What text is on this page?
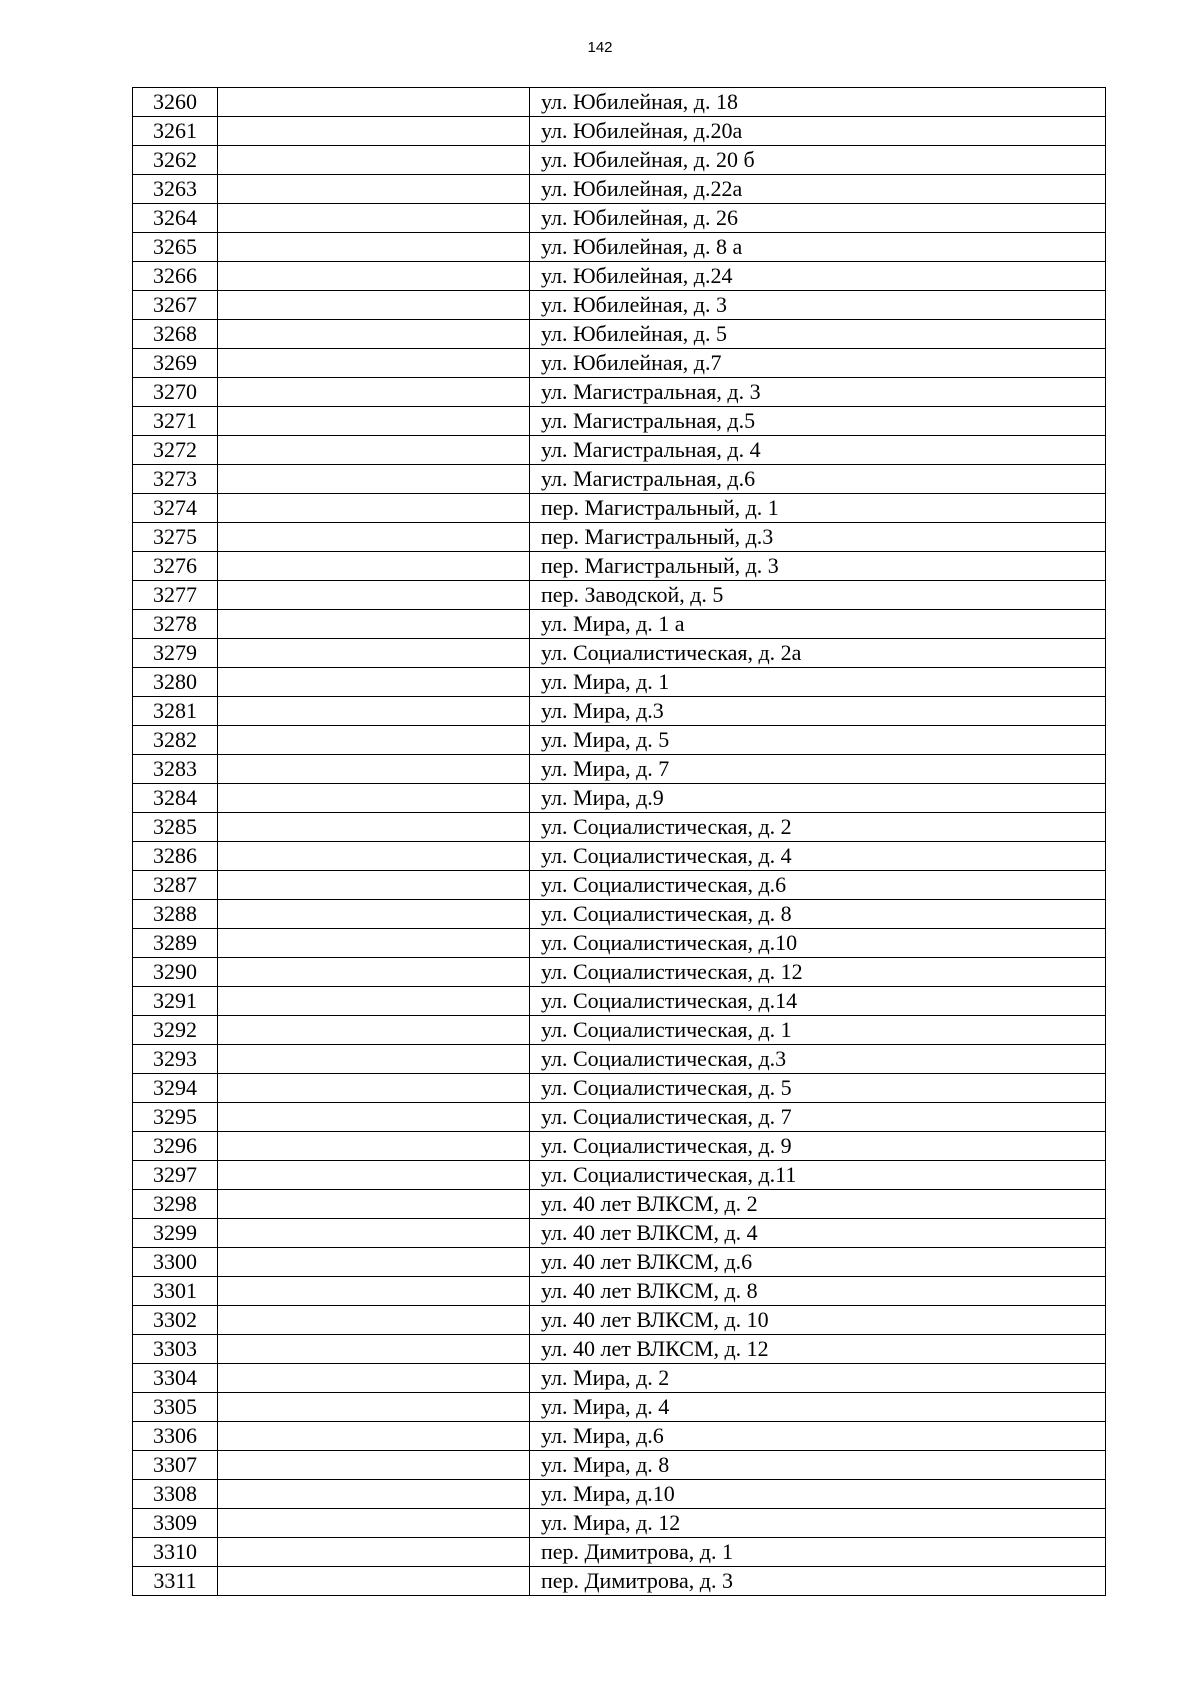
142
3260		ул. Юбилейная, д. 18
3261		ул. Юбилейная, д.20а
3262		ул. Юбилейная, д. 20 б
3263		ул. Юбилейная, д.22а
3264		ул. Юбилейная, д. 26
3265		ул. Юбилейная, д. 8 а
3266		ул. Юбилейная, д.24
3267		ул. Юбилейная, д. 3
3268		ул. Юбилейная, д. 5
3269		ул. Юбилейная, д.7
3270		ул. Магистральная, д. 3
3271		ул. Магистральная, д.5
3272		ул. Магистральная, д. 4
3273		ул. Магистральная, д.6
3274		пер. Магистральный, д. 1
3275		пер. Магистральный, д.3
3276		пер. Магистральный, д. 3
3277		пер. Заводской, д. 5
3278		ул. Мира, д. 1 а
3279		ул. Социалистическая, д. 2а
3280		ул. Мира, д. 1
3281		ул. Мира, д.3
3282		ул. Мира, д. 5
3283		ул. Мира, д. 7
3284		ул. Мира, д.9
3285		ул. Социалистическая, д. 2
3286		ул. Социалистическая, д. 4
3287		ул. Социалистическая, д.6
3288		ул. Социалистическая, д. 8
3289		ул. Социалистическая, д.10
3290		ул. Социалистическая, д. 12
3291		ул. Социалистическая, д.14
3292		ул. Социалистическая, д. 1
3293		ул. Социалистическая, д.3
3294		ул. Социалистическая, д. 5
3295		ул. Социалистическая, д. 7
3296		ул. Социалистическая, д. 9
3297		ул. Социалистическая, д.11
3298		ул. 40 лет ВЛКСМ, д. 2
3299		ул. 40 лет ВЛКСМ, д. 4
3300		ул. 40 лет ВЛКСМ, д.6
3301		ул. 40 лет ВЛКСМ, д. 8
3302		ул. 40 лет ВЛКСМ, д. 10
3303		ул. 40 лет ВЛКСМ, д. 12
3304		ул. Мира, д. 2
3305		ул. Мира, д. 4
3306		ул. Мира, д.6
3307		ул. Мира, д. 8
3308		ул. Мира, д.10
3309		ул. Мира, д. 12
3310		пер. Димитрова, д. 1
3311		пер. Димитрова, д. 3
